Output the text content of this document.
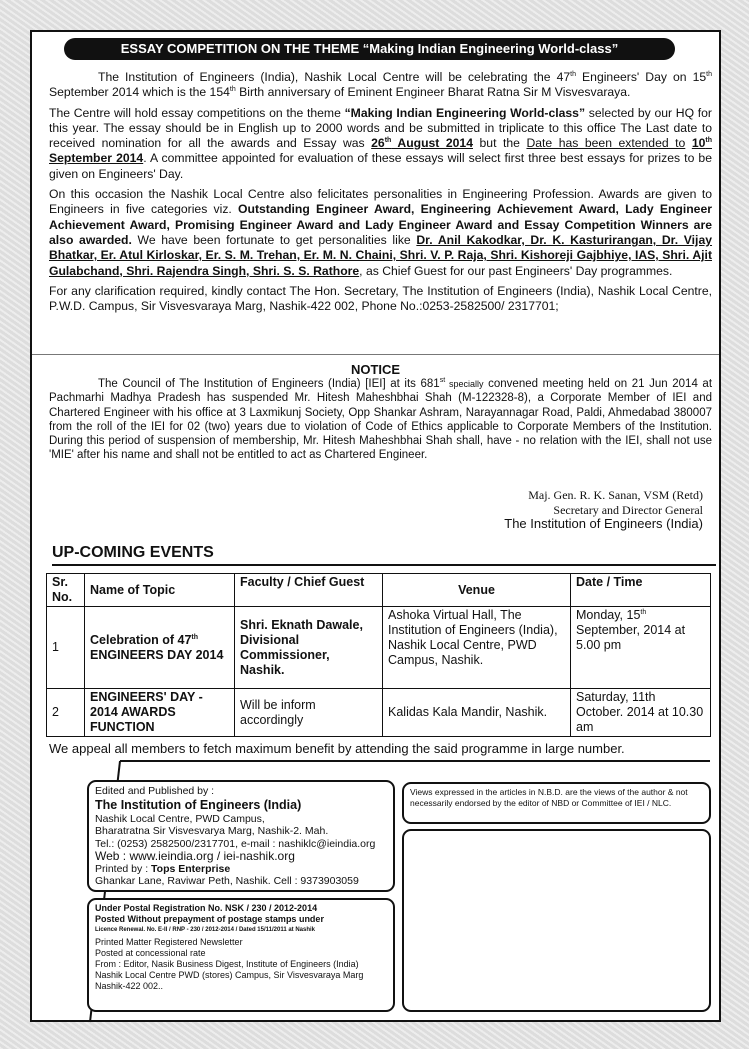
ESSAY COMPETITION ON THE THEME “Making Indian Engineering World-class”

The Institution of Engineers (India), Nashik Local Centre will be celebrating the 47th Engineers' Day on 15th September 2014 which is the 154th Birth anniversary of Eminent Engineer Bharat Ratna Sir M Visvesvaraya.

The Centre will hold essay competitions on the theme “Making Indian Engineering World-class” selected by our HQ for this year. The essay should be in English up to 2000 words and be submitted in triplicate to this office The Last date to received nomination for all the awards and Essay was 26th August 2014 but the Date has been extended to 10th September 2014. A committee appointed for evaluation of these essays will select first three best essays for prizes to be given on Engineers' Day.

On this occasion the Nashik Local Centre also felicitates personalities in Engineering Profession. Awards are given to Engineers in five categories viz. Outstanding Engineer Award, Engineering Achievement Award, Lady Engineer Achievement Award, Promising Engineer Award and Lady Engineer Award and Essay Competition Winners are also awarded. We have been fortunate to get personalities like Dr. Anil Kakodkar, Dr. K. Kasturirangan, Dr. Vijay Bhatkar, Er. Atul Kirloskar, Er. S. M. Trehan, Er. M. N. Chaini, Shri. V. P. Raja, Shri. Kishoreji Gajbhiye, IAS, Shri. Ajit Gulabchand, Shri. Rajendra Singh, Shri. S. S. Rathore, as Chief Guest for our past Engineers' Day programmes.

For any clarification required, kindly contact The Hon. Secretary, The Institution of Engineers (India), Nashik Local Centre, P.W.D. Campus, Sir Visvesvaraya Marg, Nashik-422 002, Phone No.:0253-2582500/ 2317701;

NOTICE
The Council of The Institution of Engineers (India) [IEI] at its 681st specially convened meeting held on 21 Jun 2014 at Pachmarhi Madhya Pradesh has suspended Mr. Hitesh Maheshbhai Shah (M-122328-8), a Corporate Member of IEI and Chartered Engineer with his office at 3 Laxmikunj Society, Opp Shankar Ashram, Narayannagar Road, Paldi, Ahmedabad 380007 from the roll of the IEI for 02 (two) years due to violation of Code of Ethics applicable to Corporate Members of the Institution. During this period of suspension of membership, Mr. Hitesh Maheshbhai Shah shall, have - no relation with the IEI, shall not use 'MIE' after his name and shall not be entitled to act as Chartered Engineer.
Maj. Gen. R. K. Sanan, VSM (Retd)
Secretary and Director General
The Institution of Engineers (India)
UP-COMING EVENTS
Sr. No.	Name of Topic	Faculty / Chief Guest	Venue	Date / Time
1	Celebration of 47th ENGINEERS DAY 2014	Shri. Eknath Dawale, Divisional Commissioner, Nashik.	Ashoka Virtual Hall, The Institution of Engineers (India), Nashik Local Centre, PWD Campus, Nashik.	Monday, 15th September, 2014 at 5.00 pm
2	ENGINEERS' DAY - 2014 AWARDS FUNCTION	Will be inform accordingly	Kalidas Kala Mandir, Nashik.	Saturday, 11th October. 2014 at 10.30 am
We appeal all members to fetch maximum benefit by attending the said programme in large number.
Edited and Published by :
The Institution of Engineers (India)
Nashik Local Centre, PWD Campus,
Bharatratna Sir Visvesvarya Marg, Nashik-2. Mah.
Tel.: (0253) 2582500/2317701, e-mail : nashiklc@ieindia.org
Web : www.ieindia.org / iei-nashik.org
Printed by : Tops Enterprise
Ghankar Lane, Raviwar Peth, Nashik. Cell : 9373903059
Under Postal Registration No. NSK / 230 / 2012-2014
Posted Without prepayment of postage stamps under
Licence Renewal. No. E-II / RNP - 230 / 2012-2014 / Dated 15/11/2011 at Nashik
Printed Matter Registered Newsletter
Posted at concessional rate
From : Editor, Nasik Business Digest, Institute of Engineers (India)
Nashik Local Centre PWD (stores) Campus, Sir Visvesvaraya Marg
Nashik-422 002..
Views expressed in the articles in N.B.D. are the views of the author & not necessarily endorsed by the editor of NBD or Committee of IEI / NLC.
